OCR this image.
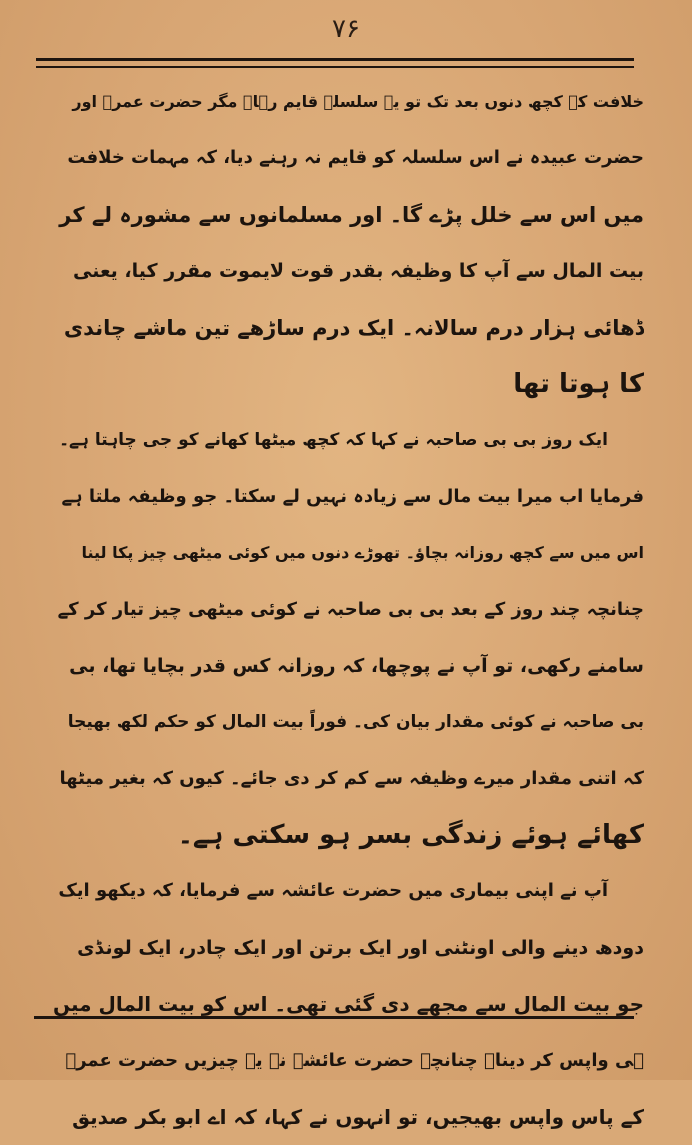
۷۶
خلافت کے کچھ دنوں بعد تک تو یہ سلسلہ قایم رہا۔ مگر حضرت عمرؓ اور
حضرت عبیدہ نے اس سلسلہ کو قایم نہ رہنے دیا، کہ مہمات خلافت
میں اس سے خلل پڑے گا۔ اور مسلمانوں سے مشورہ لے کر
بیت المال سے آپ کا وظیفہ بقدر قوت لایموت مقرر کیا، یعنی
ڈھائی ہزار درم سالانہ۔ ایک درم ساڑھے تین ماشے چاندی
کا ہوتا تھا
ایک روز بی بی صاحبہ نے کہا کہ کچھ میٹھا کھانے کو جی چاہتا ہے۔
فرمایا اب میرا بیت مال سے زیادہ نہیں لے سکتا۔ جو وظیفہ ملتا ہے
اس میں سے کچھ روزانہ بچاؤ۔ تھوڑے دنوں میں کوئی میٹھی چیز پکا لینا
چنانچہ چند روز کے بعد بی بی صاحبہ نے کوئی میٹھی چیز تیار کر کے
سامنے رکھی، تو آپ نے پوچھا، کہ روزانہ کس قدر بچایا تھا، بی
بی صاحبہ نے کوئی مقدار بیان کی۔ فوراً بیت المال کو حکم لکھ بھیجا
کہ اتنی مقدار میرے وظیفہ سے کم کر دی جائے۔ کیوں کہ بغیر میٹھا
کھائے ہوئے زندگی بسر ہو سکتی ہے۔
آپ نے اپنی بیماری میں حضرت عائشہ سے فرمایا، کہ دیکھو ایک
دودھ دینے والی اونٹنی اور ایک برتن اور ایک چادر، ایک لونڈی
جو بیت المال سے مجھے دی گئی تھی۔ اس کو بیت المال میں
ہی واپس کر دینا۔ چنانچہ حضرت عائشہ نے یہ چیزیں حضرت عمرؓ
کے پاس واپس بھیجیں، تو انہوں نے کہا، کہ اے ابو بکر صدیق
